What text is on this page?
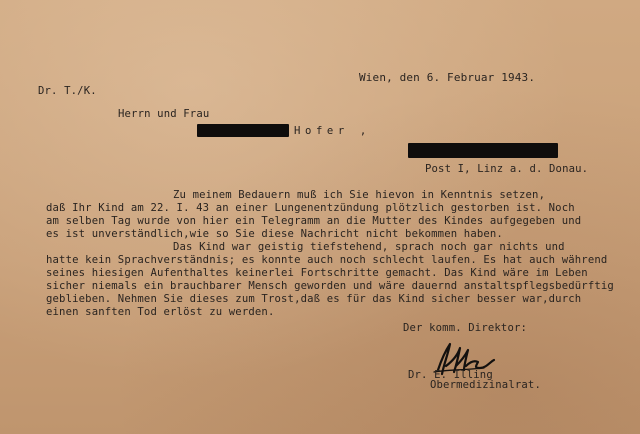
Wien, den 6. Februar 1943.
Dr. T./K.
Herrn und Frau
Hofer ,
Post I, Linz a. d. Donau.
Zu meinem Bedauern muß ich Sie hievon in Kenntnis setzen,
daß Ihr Kind am 22. I. 43 an einer Lungenentzündung plötzlich gestorben ist. Noch
am selben Tag wurde von hier ein Telegramm an die Mutter des Kindes aufgegeben und
es ist unverständlich,wie so Sie diese Nachricht nicht bekommen haben.
Das Kind war geistig tiefstehend, sprach noch gar nichts und
hatte kein Sprachverständnis; es konnte auch noch schlecht laufen. Es hat auch während
seines hiesigen Aufenthaltes keinerlei Fortschritte gemacht. Das Kind wäre im Leben
sicher niemals ein brauchbarer Mensch geworden und wäre dauernd anstaltspflegsbedürftig
geblieben. Nehmen Sie dieses zum Trost,daß es für das Kind sicher besser war,durch
einen sanften Tod erlöst zu werden.
Der komm. Direktor:
Dr. E. Illing
Obermedizinalrat.
